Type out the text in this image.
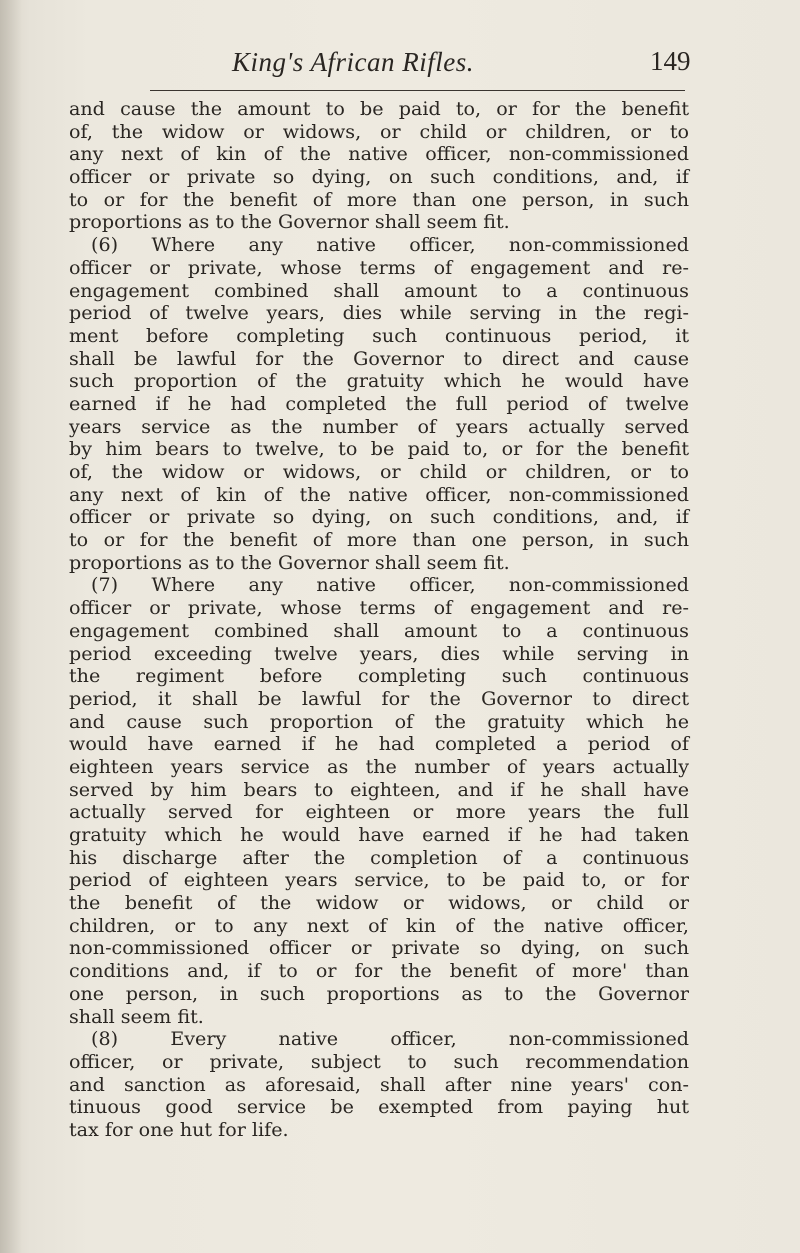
King's African Rifles.	149
and cause the amount to be paid to, or for the benefit
of, the widow or widows, or child or children, or to
any next of kin of the native officer, non-commissioned
officer or private so dying, on such conditions, and, if
to or for the benefit of more than one person, in such
proportions as to the Governor shall seem fit.
(6) Where any native officer, non-commissioned
officer or private, whose terms of engagement and re-
engagement combined shall amount to a continuous
period of twelve years, dies while serving in the regi-
ment before completing such continuous period, it
shall be lawful for the Governor to direct and cause
such proportion of the gratuity which he would have
earned if he had completed the full period of twelve
years service as the number of years actually served
by him bears to twelve, to be paid to, or for the benefit
of, the widow or widows, or child or children, or to
any next of kin of the native officer, non-commissioned
officer or private so dying, on such conditions, and, if
to or for the benefit of more than one person, in such
proportions as to the Governor shall seem fit.
(7) Where any native officer, non-commissioned
officer or private, whose terms of engagement and re-
engagement combined shall amount to a continuous
period exceeding twelve years, dies while serving in
the regiment before completing such continuous
period, it shall be lawful for the Governor to direct
and cause such proportion of the gratuity which he
would have earned if he had completed a period of
eighteen years service as the number of years actually
served by him bears to eighteen, and if he shall have
actually served for eighteen or more years the full
gratuity which he would have earned if he had taken
his discharge after the completion of a continuous
period of eighteen years service, to be paid to, or for
the benefit of the widow or widows, or child or
children, or to any next of kin of the native officer,
non-commissioned officer or private so dying, on such
conditions and, if to or for the benefit of more' than
one person, in such proportions as to the Governor
shall seem fit.
(8) Every native officer, non-commissioned
officer, or private, subject to such recommendation
and sanction as aforesaid, shall after nine years' con-
tinuous good service be exempted from paying hut
tax for one hut for life.
